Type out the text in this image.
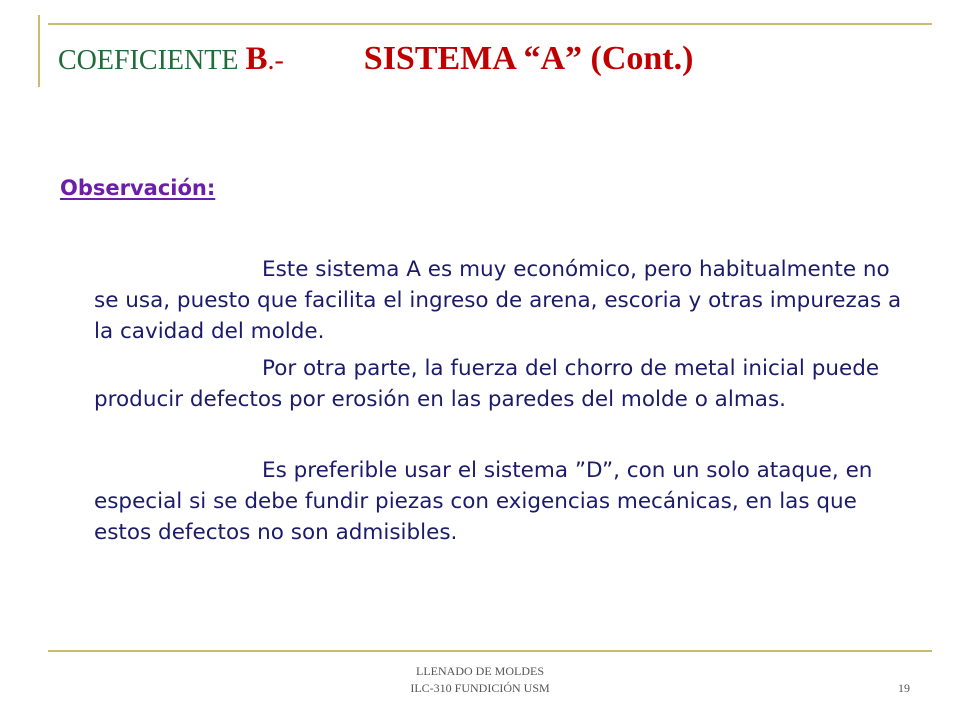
COEFICIENTE B.- SISTEMA “A” (Cont.)
Observación:

Este sistema A es muy económico, pero habitualmente no se usa, puesto que facilita el ingreso de arena, escoria y otras impurezas a la cavidad del molde.

Por otra parte, la fuerza del chorro de metal inicial puede producir defectos por erosión en las paredes del molde o almas.

Es preferible usar el sistema ”D”, con un solo ataque, en especial si se debe fundir piezas con exigencias mecánicas, en las que estos defectos no son admisibles.

LLENADO DE MOLDES
ILC-310 FUNDICIÓN USM	19
